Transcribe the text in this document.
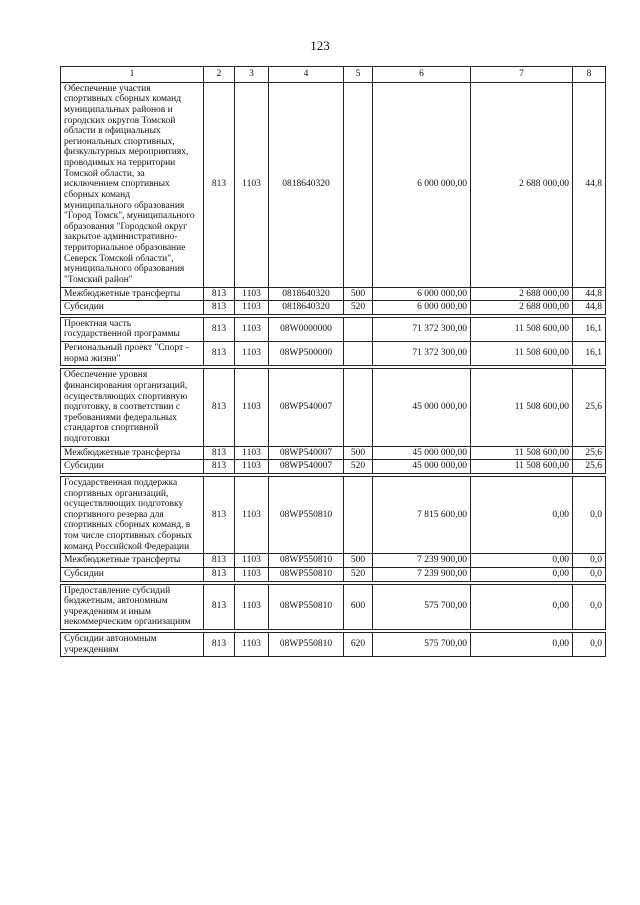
123
1	2	3	4	5	6	7	8
Обеспечение участия спортивных сборных команд муниципальных районов и городских округов Томской области в официальных региональных спортивных, физкультурных мероприятиях, проводимых на территории Томской области, за исключением спортивных сборных команд муниципального образования "Город Томск", муниципального образования "Городской округ закрытое административно-территориальное образование Северск Томской области", муниципального образования "Томский район"	813	1103	0818640320		6 000 000,00	2 688 000,00	44,8
Межбюджетные трансферты	813	1103	0818640320	500	6 000 000,00	2 688 000,00	44,8
Субсидии	813	1103	0818640320	520	6 000 000,00	2 688 000,00	44,8

Проектная часть государственной программы	813	1103	08W0000000		71 372 300,00	11 508 600,00	16,1
Региональный проект "Спорт - норма жизни"	813	1103	08WP500000		71 372 300,00	11 508 600,00	16,1

Обеспечение уровня финансирования организаций, осуществляющих спортивную подготовку, в соответствии с требованиями федеральных стандартов спортивной подготовки	813	1103	08WP540007		45 000 000,00	11 508 600,00	25,6
Межбюджетные трансферты	813	1103	08WP540007	500	45 000 000,00	11 508 600,00	25,6
Субсидии	813	1103	08WP540007	520	45 000 000,00	11 508 600,00	25,6

Государственная поддержка спортивных организаций, осуществляющих подготовку спортивного резерва для спортивных сборных команд, в том числе спортивных сборных команд Российской Федерации	813	1103	08WP550810		7 815 600,00	0,00	0,0
Межбюджетные трансферты	813	1103	08WP550810	500	7 239 900,00	0,00	0,0
Субсидии	813	1103	08WP550810	520	7 239 900,00	0,00	0,0

Предоставление субсидий бюджетным, автономным учреждениям и иным некоммерческим организациям	813	1103	08WP550810	600	575 700,00	0,00	0,0

Субсидии автономным учреждениям	813	1103	08WP550810	620	575 700,00	0,00	0,0
